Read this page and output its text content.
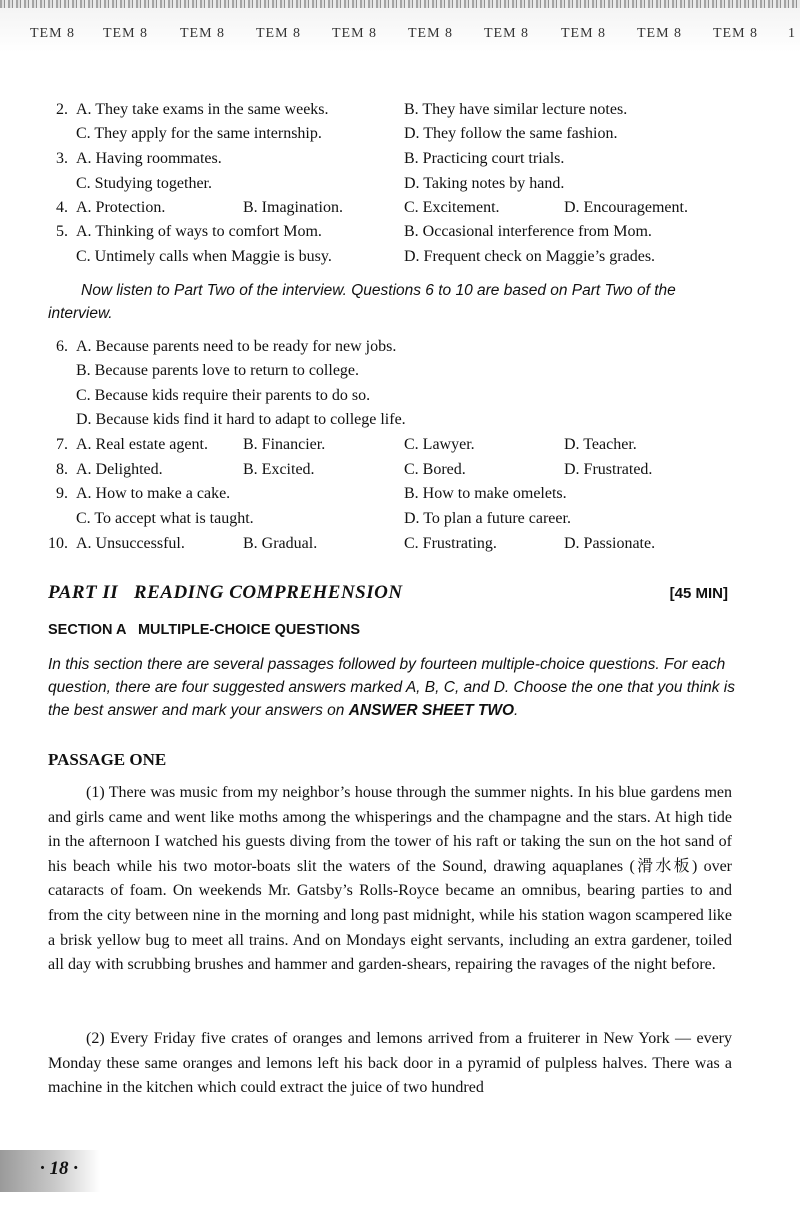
TEM 8 TEM 8 TEM 8 TEM 8 TEM 8 TEM 8 TEM 8 TEM 8 TEM 8 TEM 8 1
2. A. They take exams in the same weeks.	B. They have similar lecture notes.
C. They apply for the same internship.	D. They follow the same fashion.
3. A. Having roommates.	B. Practicing court trials.
C. Studying together.	D. Taking notes by hand.
4. A. Protection.	B. Imagination.	C. Excitement.	D. Encouragement.
5. A. Thinking of ways to comfort Mom.	B. Occasional interference from Mom.
C. Untimely calls when Maggie is busy.	D. Frequent check on Maggie’s grades.
Now listen to Part Two of the interview. Questions 6 to 10 are based on Part Two of the interview.
6. A. Because parents need to be ready for new jobs.
B. Because parents love to return to college.
C. Because kids require their parents to do so.
D. Because kids find it hard to adapt to college life.
7. A. Real estate agent. B. Financier.	C. Lawyer.	D. Teacher.
8. A. Delighted.	B. Excited.	C. Bored.	D. Frustrated.
9. A. How to make a cake.	B. How to make omelets.
C. To accept what is taught.	D. To plan a future career.
10. A. Unsuccessful.	B. Gradual.	C. Frustrating.	D. Passionate.
PART II   READING COMPREHENSION	[45 MIN]
SECTION A   MULTIPLE-CHOICE QUESTIONS
In this section there are several passages followed by fourteen multiple-choice questions. For each question, there are four suggested answers marked A, B, C, and D. Choose the one that you think is the best answer and mark your answers on ANSWER SHEET TWO.
PASSAGE ONE

(1) There was music from my neighbor’s house through the summer nights. In his blue gardens men and girls came and went like moths among the whisperings and the champagne and the stars. At high tide in the afternoon I watched his guests diving from the tower of his raft or taking the sun on the hot sand of his beach while his two motor-boats slit the waters of the Sound, drawing aquaplanes (滑水板) over cataracts of foam. On weekends Mr. Gatsby’s Rolls-Royce became an omnibus, bearing parties to and from the city between nine in the morning and long past midnight, while his station wagon scampered like a brisk yellow bug to meet all trains. And on Mondays eight servants, including an extra gardener, toiled all day with scrubbing brushes and hammer and garden-shears, repairing the ravages of the night before.

(2) Every Friday five crates of oranges and lemons arrived from a fruiterer in New York — every Monday these same oranges and lemons left his back door in a pyramid of pulpless halves. There was a machine in the kitchen which could extract the juice of two hundred

· 18 ·
